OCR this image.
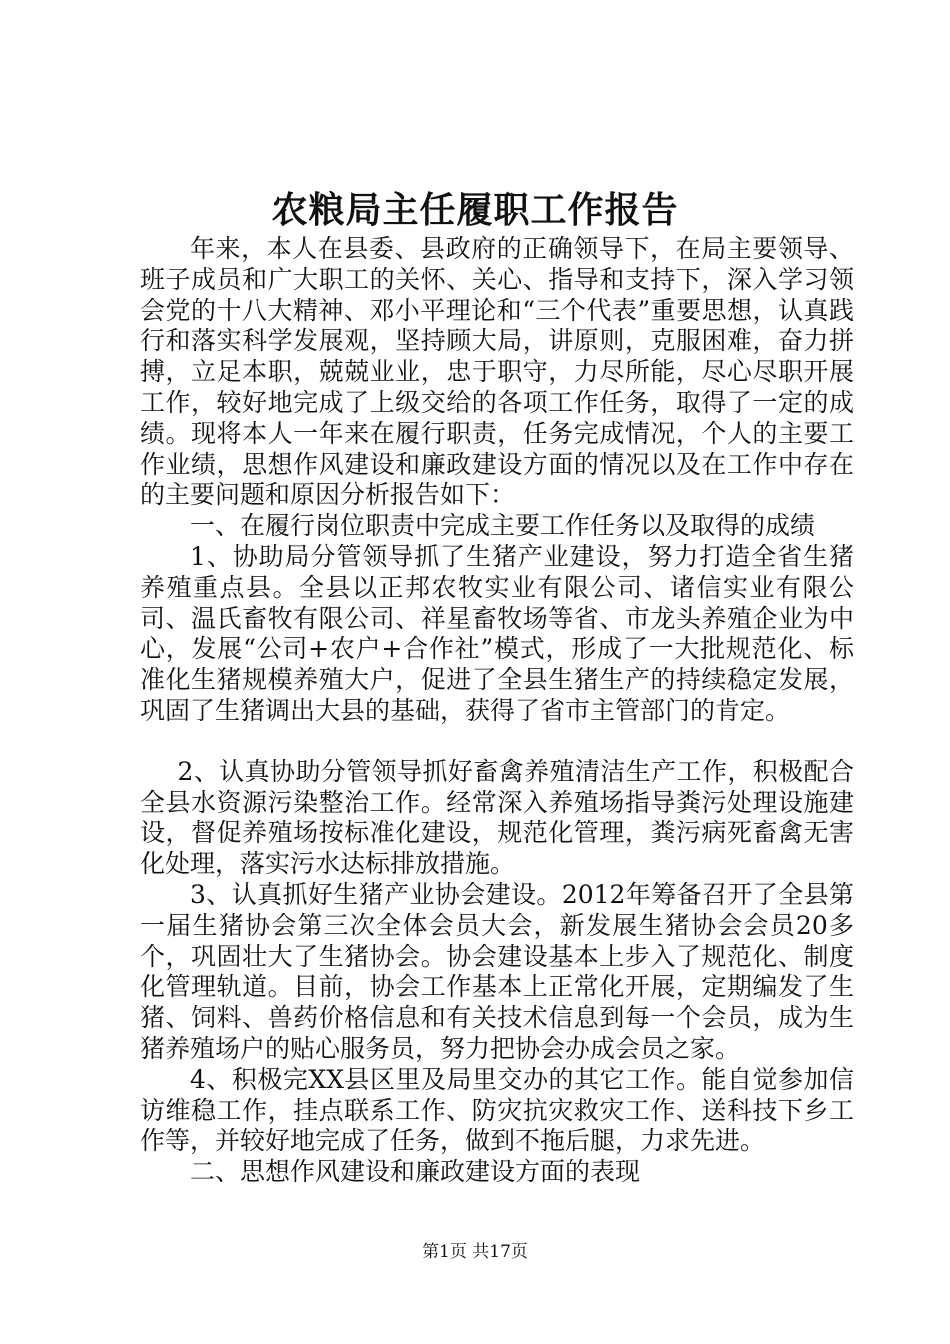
农粮局主任履职工作报告

年来，本人在县委、县政府的正确领导下，在局主要领导、班子成员和广大职工的关怀、关心、指导和支持下，深入学习领会党的十八大精神、邓小平理论和“三个代表”重要思想，认真践行和落实科学发展观，坚持顾大局，讲原则，克服困难，奋力拼搏，立足本职，兢兢业业，忠于职守，力尽所能，尽心尽职开展工作，较好地完成了上级交给的各项工作任务，取得了一定的成绩。现将本人一年来在履行职责，任务完成情况，个人的主要工作业绩，思想作风建设和廉政建设方面的情况以及在工作中存在的主要问题和原因分析报告如下：

一、在履行岗位职责中完成主要工作任务以及取得的成绩

1、协助局分管领导抓了生猪产业建设，努力打造全省生猪养殖重点县。全县以正邦农牧实业有限公司、诸信实业有限公司、温氏畜牧有限公司、祥星畜牧场等省、市龙头养殖企业为中心，发展“公司+农户+合作社”模式，形成了一大批规范化、标准化生猪规模养殖大户，促进了全县生猪生产的持续稳定发展，巩固了生猪调出大县的基础，获得了省市主管部门的肯定。

2、认真协助分管领导抓好畜禽养殖清洁生产工作，积极配合全县水资源污染整治工作。经常深入养殖场指导粪污处理设施建设，督促养殖场按标准化建设，规范化管理，粪污病死畜禽无害化处理，落实污水达标排放措施。

3、认真抓好生猪产业协会建设。2012年筹备召开了全县第一届生猪协会第三次全体会员大会，新发展生猪协会会员20多个，巩固壮大了生猪协会。协会建设基本上步入了规范化、制度化管理轨道。目前，协会工作基本上正常化开展，定期编发了生猪、饲料、兽药价格信息和有关技术信息到每一个会员，成为生猪养殖场户的贴心服务员，努力把协会办成会员之家。

4、积极完XX县区里及局里交办的其它工作。能自觉参加信访维稳工作，挂点联系工作、防灾抗灾救灾工作、送科技下乡工作等，并较好地完成了任务，做到不拖后腿，力求先进。

二、思想作风建设和廉政建设方面的表现

第1页 共17页
